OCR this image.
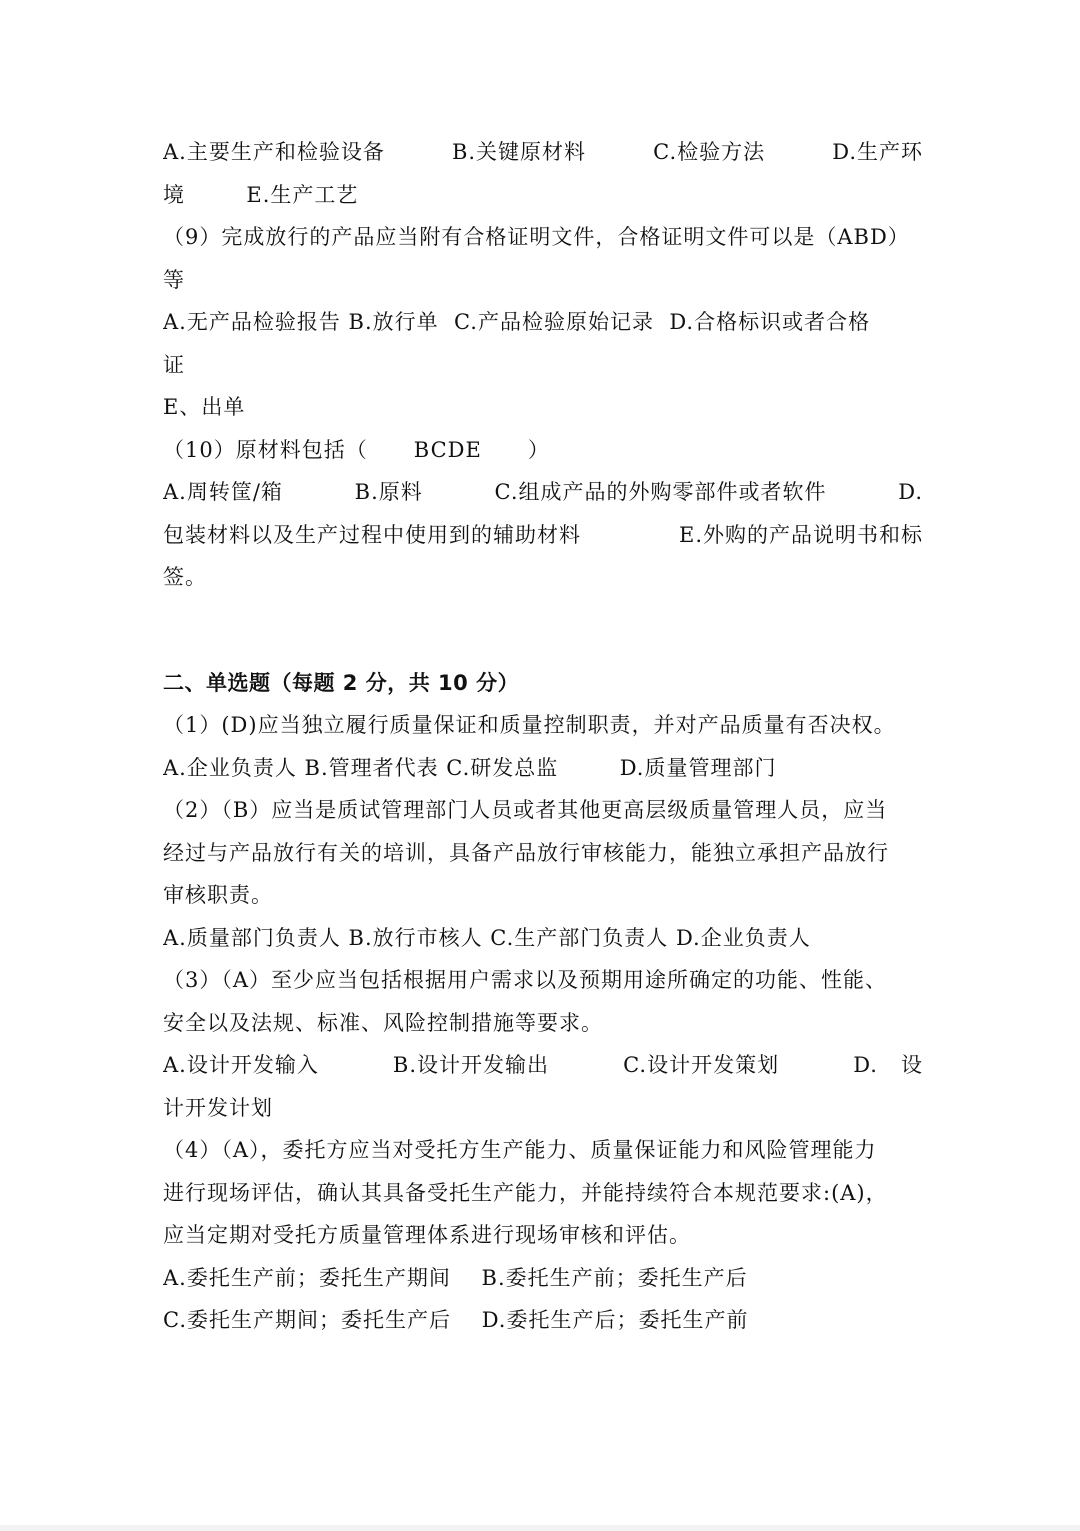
A.主要生产和检验设备	B.关键原材料	C.检验方法	D.生产环
境        E.生产工艺
（9）完成放行的产品应当附有合格证明文件，合格证明文件可以是（ABD）
等
A.无产品检验报告 B.放行单  C.产品检验原始记录  D.合格标识或者合格
证
E、出单
（10）原材料包括（      BCDE      ）
A.周转筐/箱	B.原料	C.组成产品的外购零部件或者软件	D.
包装材料以及生产过程中使用到的辅助材料	E.外购的产品说明书和标
签。
二、单选题（每题 2 分，共 10 分）
（1）(D)应当独立履行质量保证和质量控制职责，并对产品质量有否决权。
A.企业负责人 B.管理者代表 C.研发总监        D.质量管理部门
（2）（B）应当是质试管理部门人员或者其他更高层级质量管理人员，应当
经过与产品放行有关的培训，具备产品放行审核能力，能独立承担产品放行
审核职责。
A.质量部门负责人 B.放行市核人 C.生产部门负责人 D.企业负责人
（3）（A）至少应当包括根据用户需求以及预期用途所确定的功能、性能、
安全以及法规、标准、风险控制措施等要求。
A.设计开发输入	B.设计开发输出	C.设计开发策划	D.   设
计开发计划
（4）（A），委托方应当对受托方生产能力、质量保证能力和风险管理能力
进行现场评估，确认其具备受托生产能力，并能持续符合本规范要求:(A)，
应当定期对受托方质量管理体系进行现场审核和评估。
A.委托生产前；委托生产期间    B.委托生产前；委托生产后
C.委托生产期间；委托生产后    D.委托生产后；委托生产前
